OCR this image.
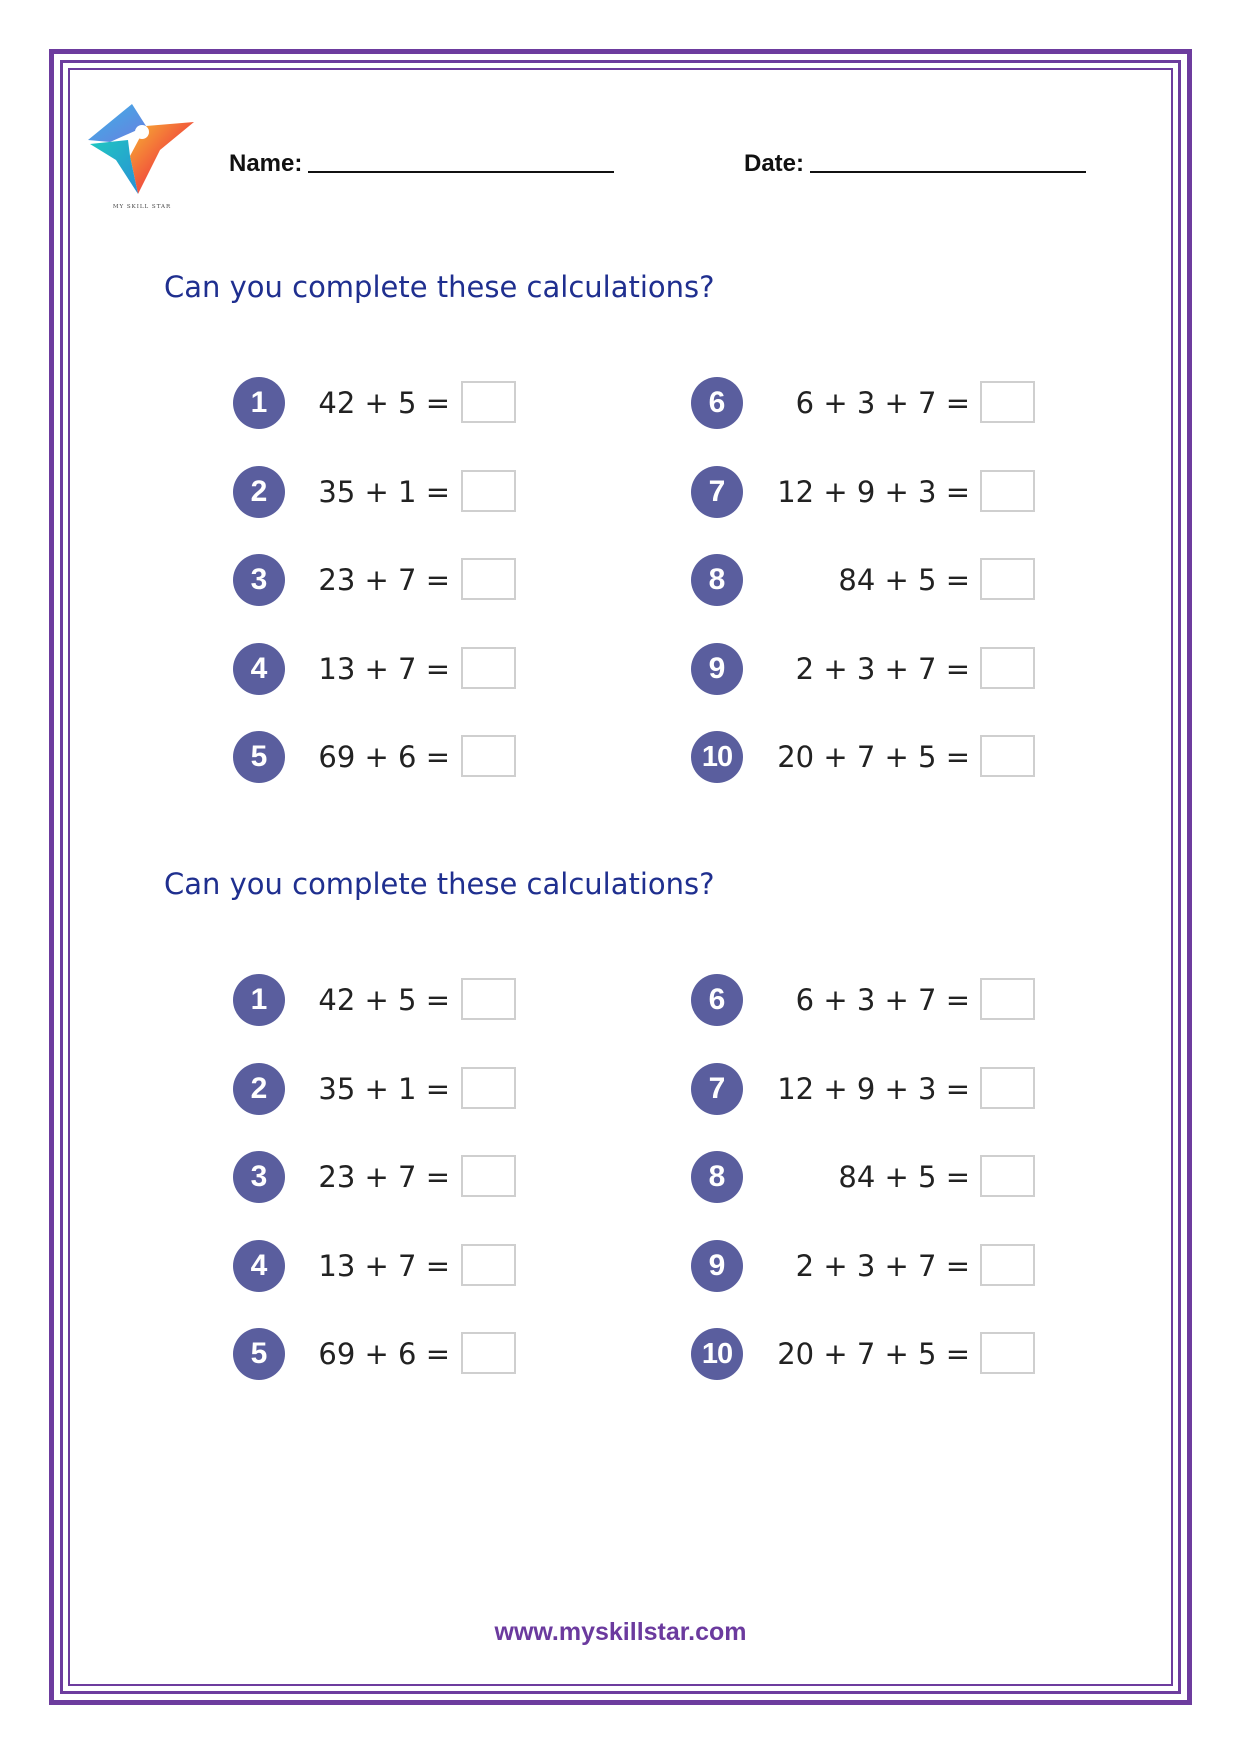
MY SKILL STAR
Name:	Date:
Can you complete these calculations?
Can you complete these calculations?
1	42 + 5 =
2	35 + 1 =
3	23 + 7 =
4	13 + 7 =
5	69 + 6 =
6	6 + 3 + 7 =
7	12 + 9 + 3 =
8	84 + 5 =
9	2 + 3 + 7 =
10	20 + 7 + 5 =
1	42 + 5 =
2	35 + 1 =
3	23 + 7 =
4	13 + 7 =
5	69 + 6 =
6	6 + 3 + 7 =
7	12 + 9 + 3 =
8	84 + 5 =
9	2 + 3 + 7 =
10	20 + 7 + 5 =
www.myskillstar.com
